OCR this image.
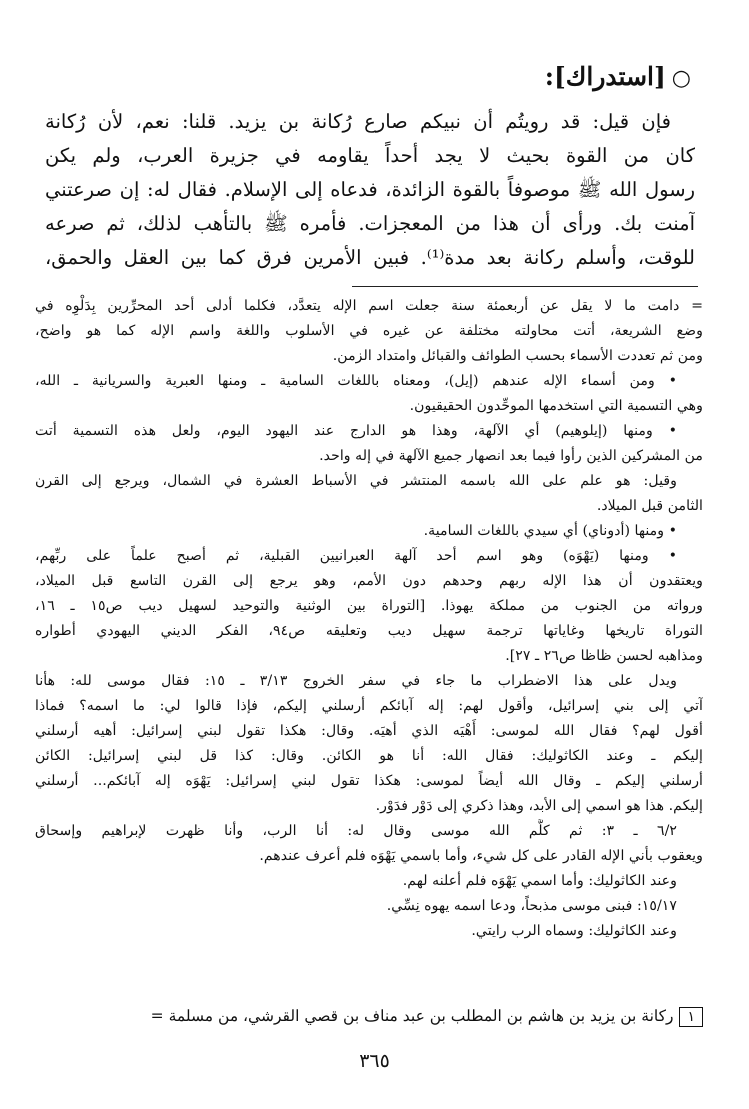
○[استدراك]:
فإن قيل: قد رويتُم أن نبيكم صارع رُكانة بن يزيد. قلنا: نعم، لأن رُكانة
كان من القوة بحيث لا يجد أحداً يقاومه في جزيرة العرب، ولم يكن
رسول الله ﷺ موصوفاً بالقوة الزائدة، فدعاه إلى الإسلام. فقال له: إن صرعتني
آمنت بك. ورأى أن هذا من المعجزات. فأمره ﷺ بالتأهب لذلك، ثم صرعه
للوقت، وأسلم ركانة بعد مدة⁽¹⁾. فبين الأمرين فرق كما بين العقل والحمق،
= دامت ما لا يقل عن أربعمئة سنة جعلت اسم الإله يتعدَّد، فكلما أدلى أحد المحرِّرين بِدَلْوِه في
وضع الشريعة، أتت محاولته مختلفة عن غيره في الأسلوب واللغة واسم الإله كما هو واضح،
ومن ثم تعددت الأسماء بحسب الطوائف والقبائل وامتداد الزمن.
• ومن أسماء الإله عندهم (إيل)، ومعناه باللغات السامية ـ ومنها العبرية والسريانية ـ الله،
وهي التسمية التي استخدمها الموحِّدون الحقيقيون.
• ومنها (إيلوهيم) أي الآلهة، وهذا هو الدارج عند اليهود اليوم، ولعل هذه التسمية أتت
من المشركين الذين رأوا فيما بعد انصهار جميع الآلهة في إله واحد.
وقيل: هو علم على الله باسمه المنتشر في الأسباط العشرة في الشمال، ويرجع إلى القرن
الثامن قبل الميلاد.
• ومنها (أدوناي) أي سيدي باللغات السامية.
• ومنها (يَهْوَه) وهو اسم أحد آلهة العبرانيين القبلية، ثم أصبح علماً على ربِّهم،
ويعتقدون أن هذا الإله ربهم وحدهم دون الأمم، وهو يرجع إلى القرن التاسع قبل الميلاد،
ورواته من الجنوب من مملكة يهوذا. [التوراة بين الوثنية والتوحيد لسهيل ديب ص١٥ ـ ١٦،
التوراة تاريخها وغاياتها ترجمة سهيل ديب وتعليقه ص٩٤، الفكر الديني اليهودي أطواره
ومذاهبه لحسن ظاظا ص٢٦ ـ ٢٧].
ويدل على هذا الاضطراب ما جاء في سفر الخروج ٣/١٣ ـ ١٥: فقال موسى لله: هأنا
آتي إلى بني إسرائيل، وأقول لهم: إله آبائكم أرسلني إليكم، فإذا قالوا لي: ما اسمه؟ فماذا
أقول لهم؟ فقال الله لموسى: أَهْيَه الذي أهيَه. وقال: هكذا تقول لبني إسرائيل: أهيه أرسلني
إليكم ـ وعند الكاثوليك: فقال الله: أنا هو الكائن. وقال: كذا قل لبني إسرائيل: الكائن
أرسلني إليكم ـ وقال الله أيضاً لموسى: هكذا تقول لبني إسرائيل: يَهْوَه إله آبائكم... أرسلني
إليكم. هذا هو اسمي إلى الأبد، وهذا ذكري إلى دَوْر فدَوْر.
٦/٢ ـ ٣: ثم كلَّم الله موسى وقال له: أنا الرب، وأنا ظهرت لإبراهيم وإسحاق
ويعقوب بأني الإله القادر على كل شيء، وأما باسمي يَهْوَه فلم أعرف عندهم.
وعند الكاثوليك: وأما اسمي يَهْوَه فلم أعلنه لهم.
١٥/١٧: فبنى موسى مذبحاً، ودعا اسمه يهوه نِسِّي.
وعند الكاثوليك: وسماه الرب رايتي.
١ركانة بن يزيد بن هاشم بن المطلب بن عبد مناف بن قصي القرشي، من مسلمة =
٣٦٥
